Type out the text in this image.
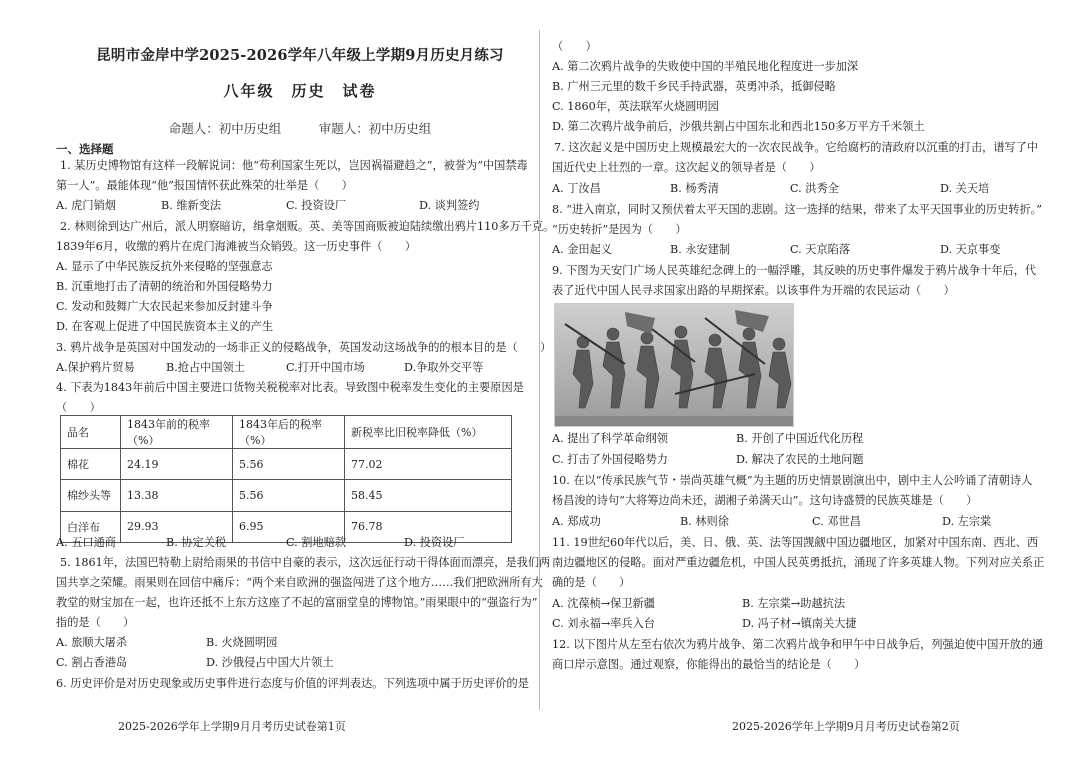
昆明市金岸中学2025-2026学年八年级上学期9月历史月练习
八年级　历史　试卷
命题人：初中历史组　　　审题人：初中历史组
一、选择题
1. 某历史博物馆有这样一段解说词：他“苟利国家生死以，岂因祸福避趋之”，被誉为“中国禁毒
第一人”。最能体现“他”报国情怀获此殊荣的壮举是（　　）
A. 虎门销烟	B. 维新变法	C. 投资设厂	D. 谈判签约
2. 林则徐到达广州后，派人明察暗访，缉拿烟贩。英、美等国商贩被迫陆续缴出鸦片110多万千克。
1839年6月，收缴的鸦片在虎门海滩被当众销毁。这一历史事件（　　）
A. 显示了中华民族反抗外来侵略的坚强意志
B. 沉重地打击了清朝的统治和外国侵略势力
C. 发动和鼓舞广大农民起来参加反封建斗争
D. 在客观上促进了中国民族资本主义的产生
3. 鸦片战争是英国对中国发动的一场非正义的侵略战争，英国发动这场战争的的根本目的是（　　）
A.保护鸦片贸易	B.抢占中国领土	C.打开中国市场	D.争取外交平等
4. 下表为1843年前后中国主要进口货物关税税率对比表。导致图中税率发生变化的主要原因是
（　　）
品名	1843年前的税率（%）	1843年后的税率（%）	新税率比旧税率降低（%）
棉花	24.19	5.56	77.02
棉纱头等	13.38	5.56	58.45
白洋布	29.93	6.95	76.78
A. 五口通商	B. 协定关税	C. 割地赔款	D. 投资设厂
5. 1861年，法国巴特勒上尉给雨果的书信中自豪的表示，这次远征行动干得体面而漂亮，是我们两
国共享之荣耀。雨果则在回信中痛斥：“两个来自欧洲的强盗闯进了这个地方……我们把欧洲所有大
教堂的财宝加在一起，也许还抵不上东方这座了不起的富丽堂皇的博物馆。”雨果眼中的“强盗行为”
指的是（　　）
A. 旅顺大屠杀	B. 火烧圆明园
C. 割占香港岛	D. 沙俄侵占中国大片领土
6. 历史评价是对历史现象或历史事件进行态度与价值的评判表达。下列选项中属于历史评价的是
2025-2026学年上学期9月月考历史试卷第1页
（　　）
A. 第二次鸦片战争的失败使中国的半殖民地化程度进一步加深
B. 广州三元里的数千乡民手持武器，英勇冲杀，抵御侵略
C. 1860年，英法联军火烧圆明园
D. 第二次鸦片战争前后，沙俄共割占中国东北和西北150多万平方千米领土
7. 这次起义是中国历史上规模最宏大的一次农民战争。它给腐朽的清政府以沉重的打击，谱写了中
国近代史上壮烈的一章。这次起义的领导者是（　　）
A. 丁汝昌	B. 杨秀清	C. 洪秀全	D. 关天培
8. “进入南京，同时又预伏着太平天国的悲剧。这一选择的结果，带来了太平天国事业的历史转折。”
“历史转折”是因为（　　）
A. 金田起义	B. 永安建制	C. 天京陷落	D. 天京事变
9. 下图为天安门广场人民英雄纪念碑上的一幅浮雕，其反映的历史事件爆发于鸦片战争十年后，代
表了近代中国人民寻求国家出路的早期探索。以该事件为开端的农民运动（　　）
A. 提出了科学革命纲领	B. 开创了中国近代化历程
C. 打击了外国侵略势力	D. 解决了农民的土地问题
10. 在以“传承民族气节・崇尚英雄气概”为主题的历史情景剧演出中，剧中主人公吟诵了清朝诗人
杨昌浚的诗句“大将筹边尚未还，湖湘子弟满天山”。这句诗盛赞的民族英雄是（　　）
A. 郑成功	B. 林则徐	C. 邓世昌	D. 左宗棠
11. 19世纪60年代以后，美、日、俄、英、法等国觊觎中国边疆地区，加紧对中国东南、西北、西
南边疆地区的侵略。面对严重边疆危机，中国人民英勇抵抗，涌现了许多英雄人物。下列对应关系正
确的是（　　）
A. 沈葆桢→保卫新疆	B. 左宗棠→助越抗法
C. 刘永福→率兵入台	D. 冯子材→镇南关大捷
12. 以下图片从左至右依次为鸦片战争、第二次鸦片战争和甲午中日战争后，列强迫使中国开放的通
商口岸示意图。通过观察，你能得出的最恰当的结论是（　　）
2025-2026学年上学期9月月考历史试卷第2页
